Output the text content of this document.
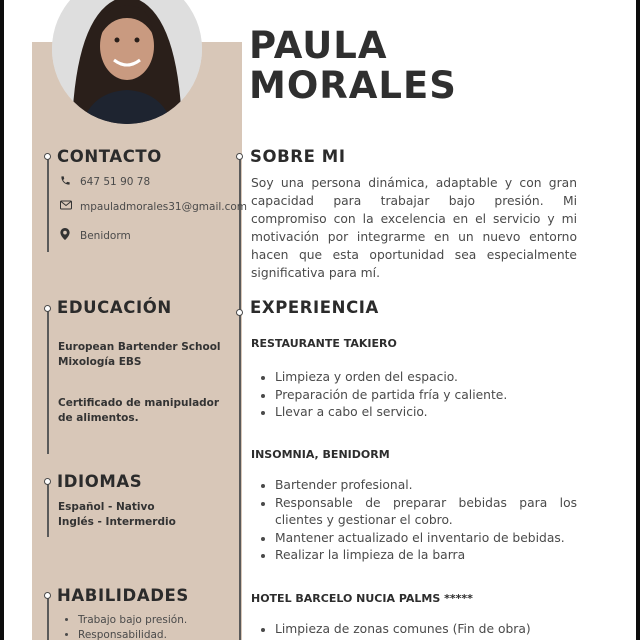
PAULA
MORALES
CONTACTO
647 51 90 78
mpauladmorales31@gmail.com
Benidorm
EDUCACIÓN
European Bartender School
Mixología EBS
Certificado de manipulador
de alimentos.
IDIOMAS
Español - Nativo
Inglés - Intermerdio
HABILIDADES
• Trabajo bajo presión.
• Responsabilidad.
SOBRE MI
Soy una persona dinámica, adaptable y con gran capacidad para trabajar bajo presión. Mi compromiso con la excelencia en el servicio y mi motivación por integrarme en un nuevo entorno hacen que esta oportunidad sea especialmente significativa para mí.
EXPERIENCIA
RESTAURANTE TAKIERO
• Limpieza y orden del espacio.
• Preparación de partida fría y caliente.
• Llevar a cabo el servicio.
INSOMNIA, BENIDORM
• Bartender profesional.
• Responsable de preparar bebidas para los clientes y gestionar el cobro.
• Mantener actualizado el inventario de bebidas.
• Realizar la limpieza de la barra
HOTEL BARCELO NUCIA PALMS *****
• Limpieza de zonas comunes (Fin de obra)
